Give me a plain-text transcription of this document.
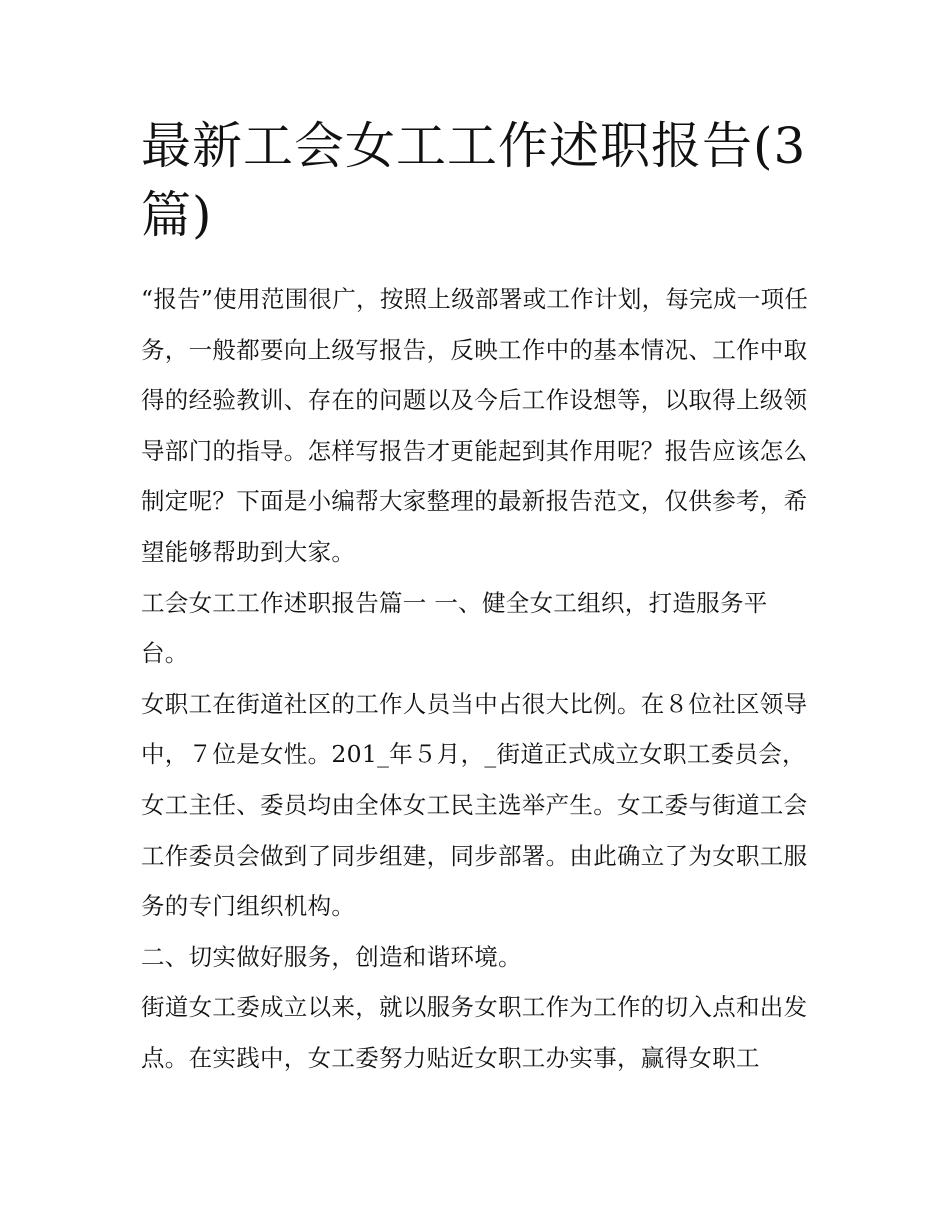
最新工会女工工作述职报告(3篇)

“报告”使用范围很广，按照上级部署或工作计划，每完成一项任务，一般都要向上级写报告，反映工作中的基本情况、工作中取得的经验教训、存在的问题以及今后工作设想等，以取得上级领导部门的指导。怎样写报告才更能起到其作用呢？报告应该怎么制定呢？下面是小编帮大家整理的最新报告范文，仅供参考，希望能够帮助到大家。

工会女工工作述职报告篇一 一、健全女工组织，打造服务平台。

女职工在街道社区的工作人员当中占很大比例。在８位社区领导中，７位是女性。201_年５月，_街道正式成立女职工委员会，女工主任、委员均由全体女工民主选举产生。女工委与街道工会工作委员会做到了同步组建，同步部署。由此确立了为女职工服务的专门组织机构。

二、切实做好服务，创造和谐环境。

街道女工委成立以来，就以服务女职工作为工作的切入点和出发点。在实践中，女工委努力贴近女职工办实事，赢得女职工
